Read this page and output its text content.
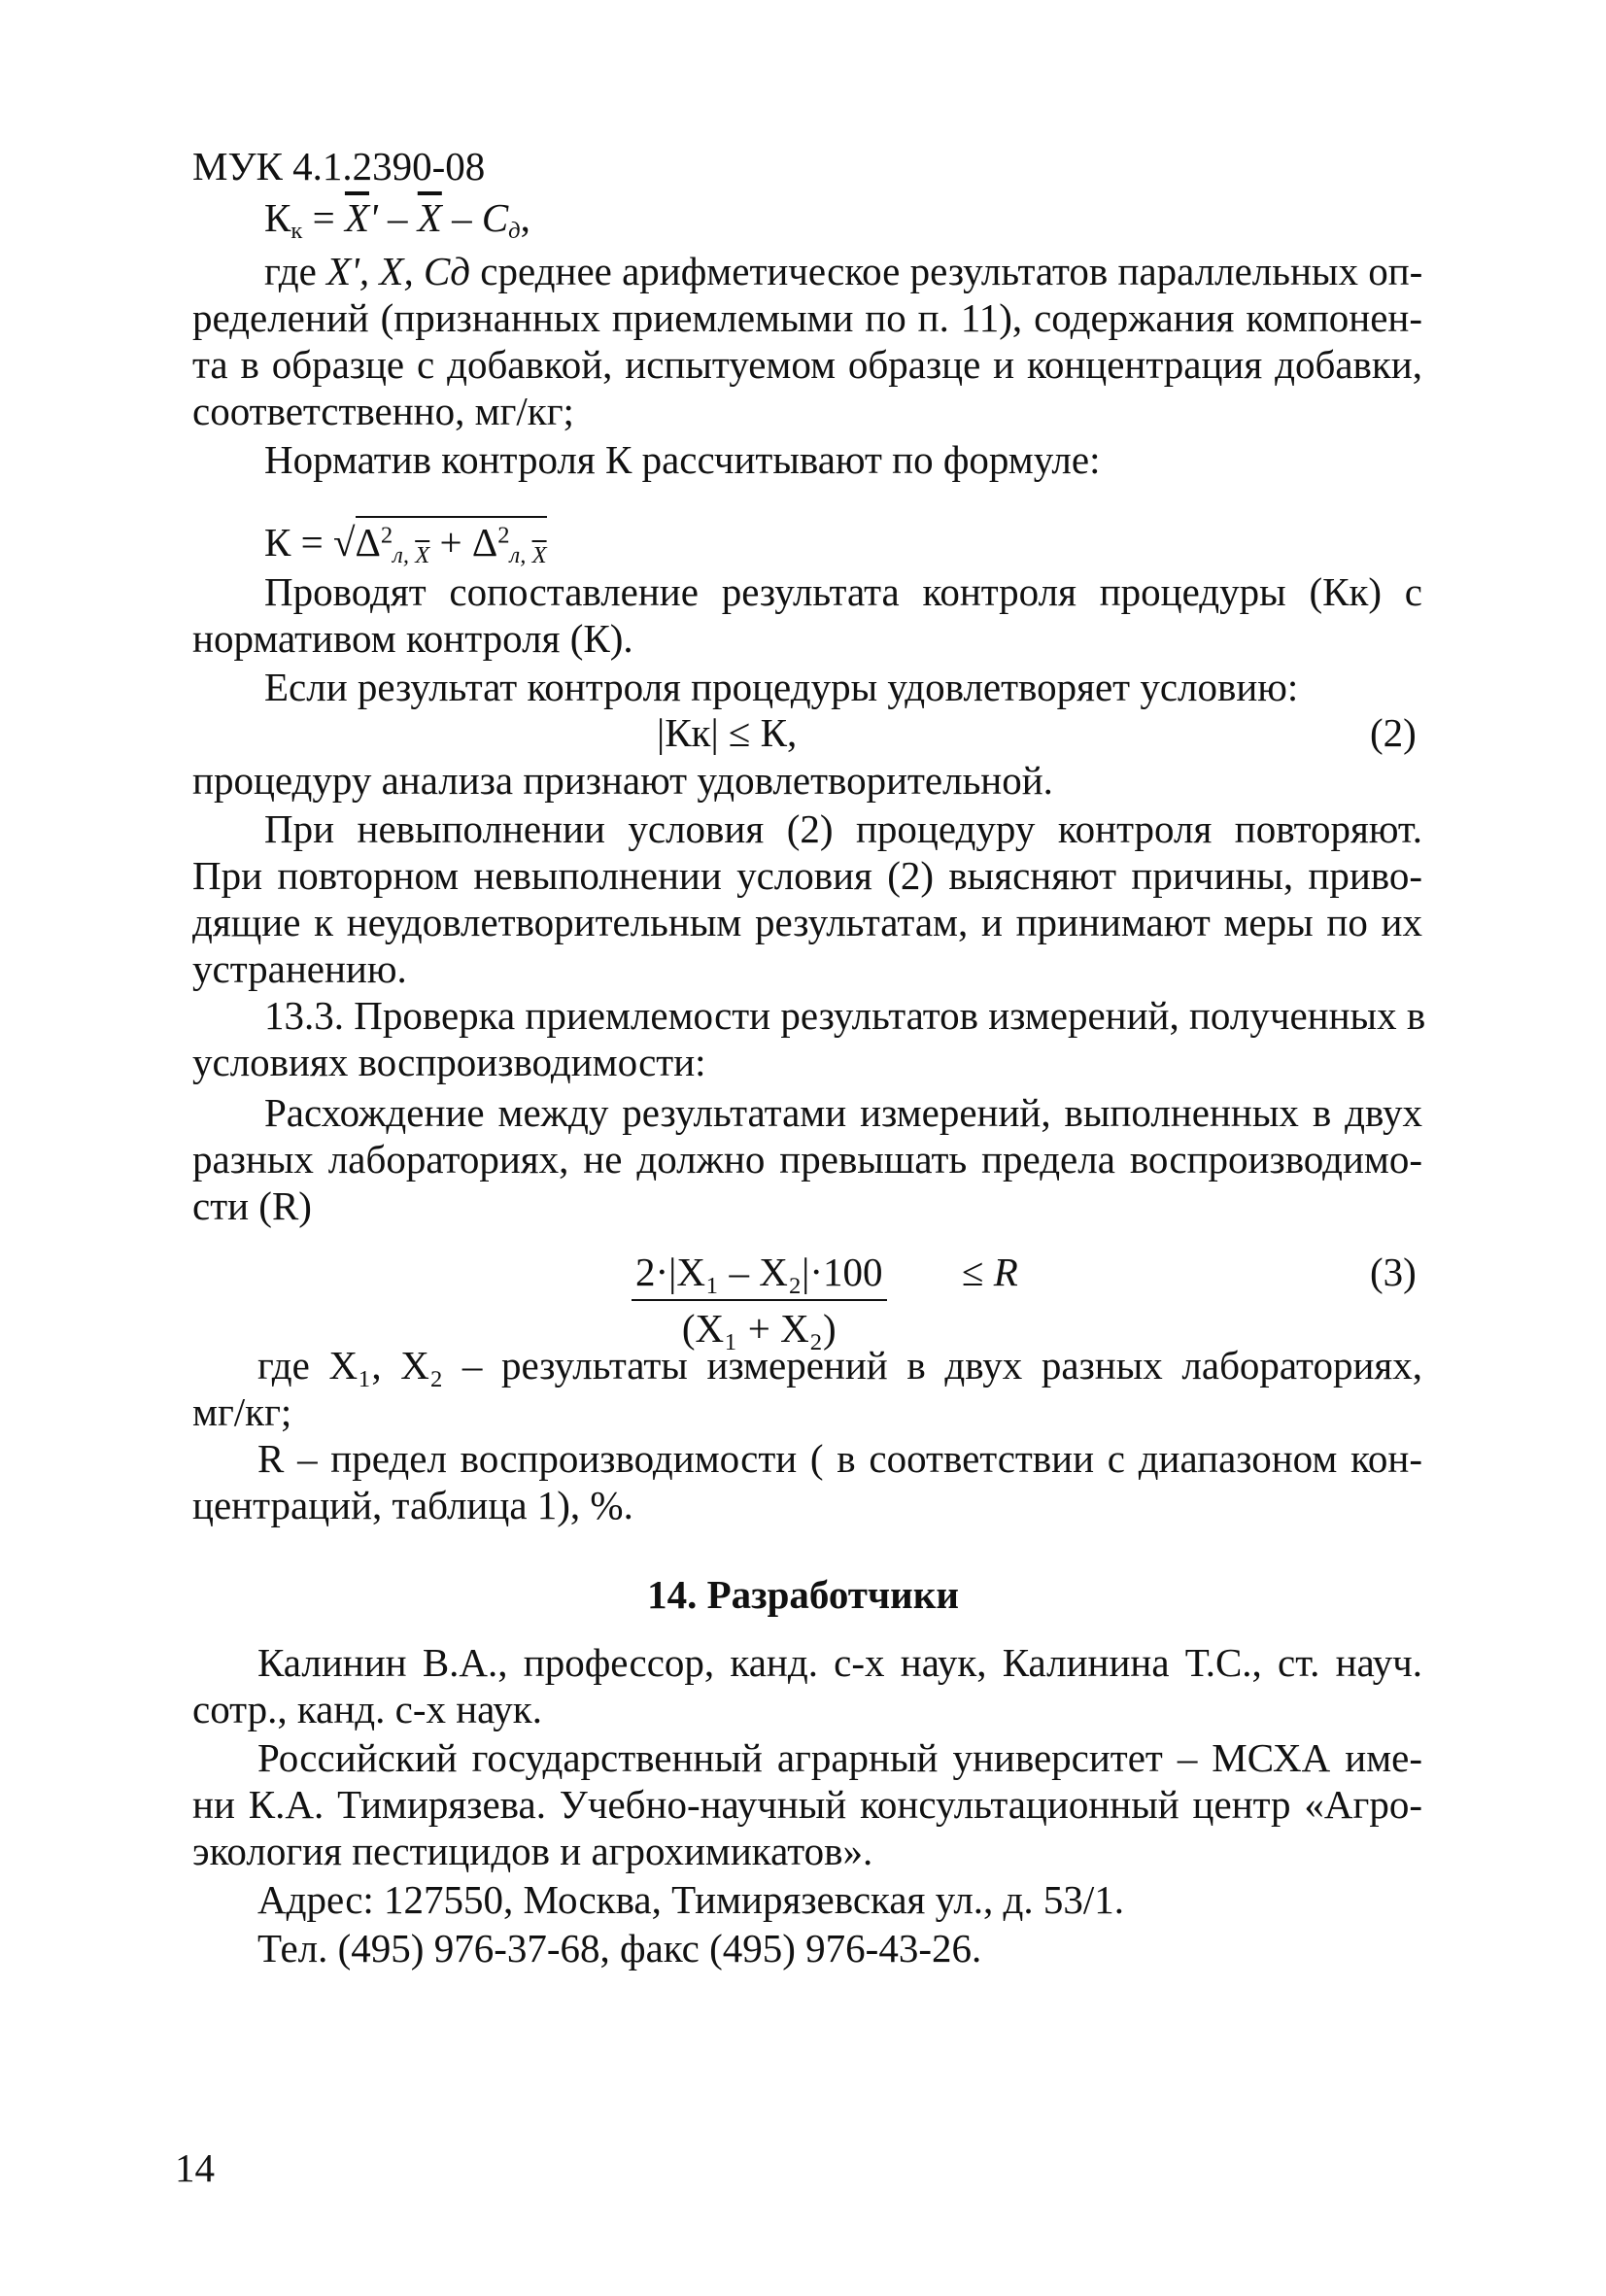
МУК 4.1.2390-08
$К_к = \overline{X}' - \overline{X} - C_д$,
где X', X, Cд среднее арифметическое результатов параллельных оп-
ределений (признанных приемлемыми по п. 11), содержания компонен-
та в образце с добавкой, испытуемом образце и концентрация добавки,
соответственно, мг/кг;
Норматив контроля К рассчитывают по формуле:
$К = √\Delta^2_{л,}$ $_{\overline{X}} + \Delta^2_{л,}$ $_{\overline{X}}$
Проводят сопоставление результата контроля процедуры (Кк) с
нормативом контроля (К).
Если результат контроля процедуры удовлетворяет условию:
|Кк| ≤ К,	(2)
процедуру анализа признают удовлетворительной.
При невыполнении условия (2) процедуру контроля повторяют.
При повторном невыполнении условия (2) выясняют причины, приво-
дящие к неудовлетворительным результатам, и принимают меры по их
устранению.
13.3. Проверка приемлемости результатов измерений, полученных в
условиях воспроизводимости:
Расхождение между результатами измерений, выполненных в двух
разных лабораториях, не должно превышать предела воспроизводимо-
сти (R)
$\frac{\text{2·|X₁ – X₂|·100}}{\text{(X₁ + X₂)}} \le R$	(3)
где X₁, X₂ – результаты измерений в двух разных лабораториях,
мг/кг;
R – предел воспроизводимости ( в соответствии с диапазоном кон-
центраций, таблица 1), %.
14. Разработчики
Калинин В.А., профессор, канд. с-х наук, Калинина Т.С., ст. науч.
сотр., канд. с-х наук.
Российский государственный аграрный университет – МСХА име-
ни К.А. Тимирязева. Учебно-научный консультационный центр «Агро-
экология пестицидов и агрохимикатов».
Адрес: 127550, Москва, Тимирязевская ул., д. 53/1.
Тел. (495) 976-37-68, факс (495) 976-43-26.
14
